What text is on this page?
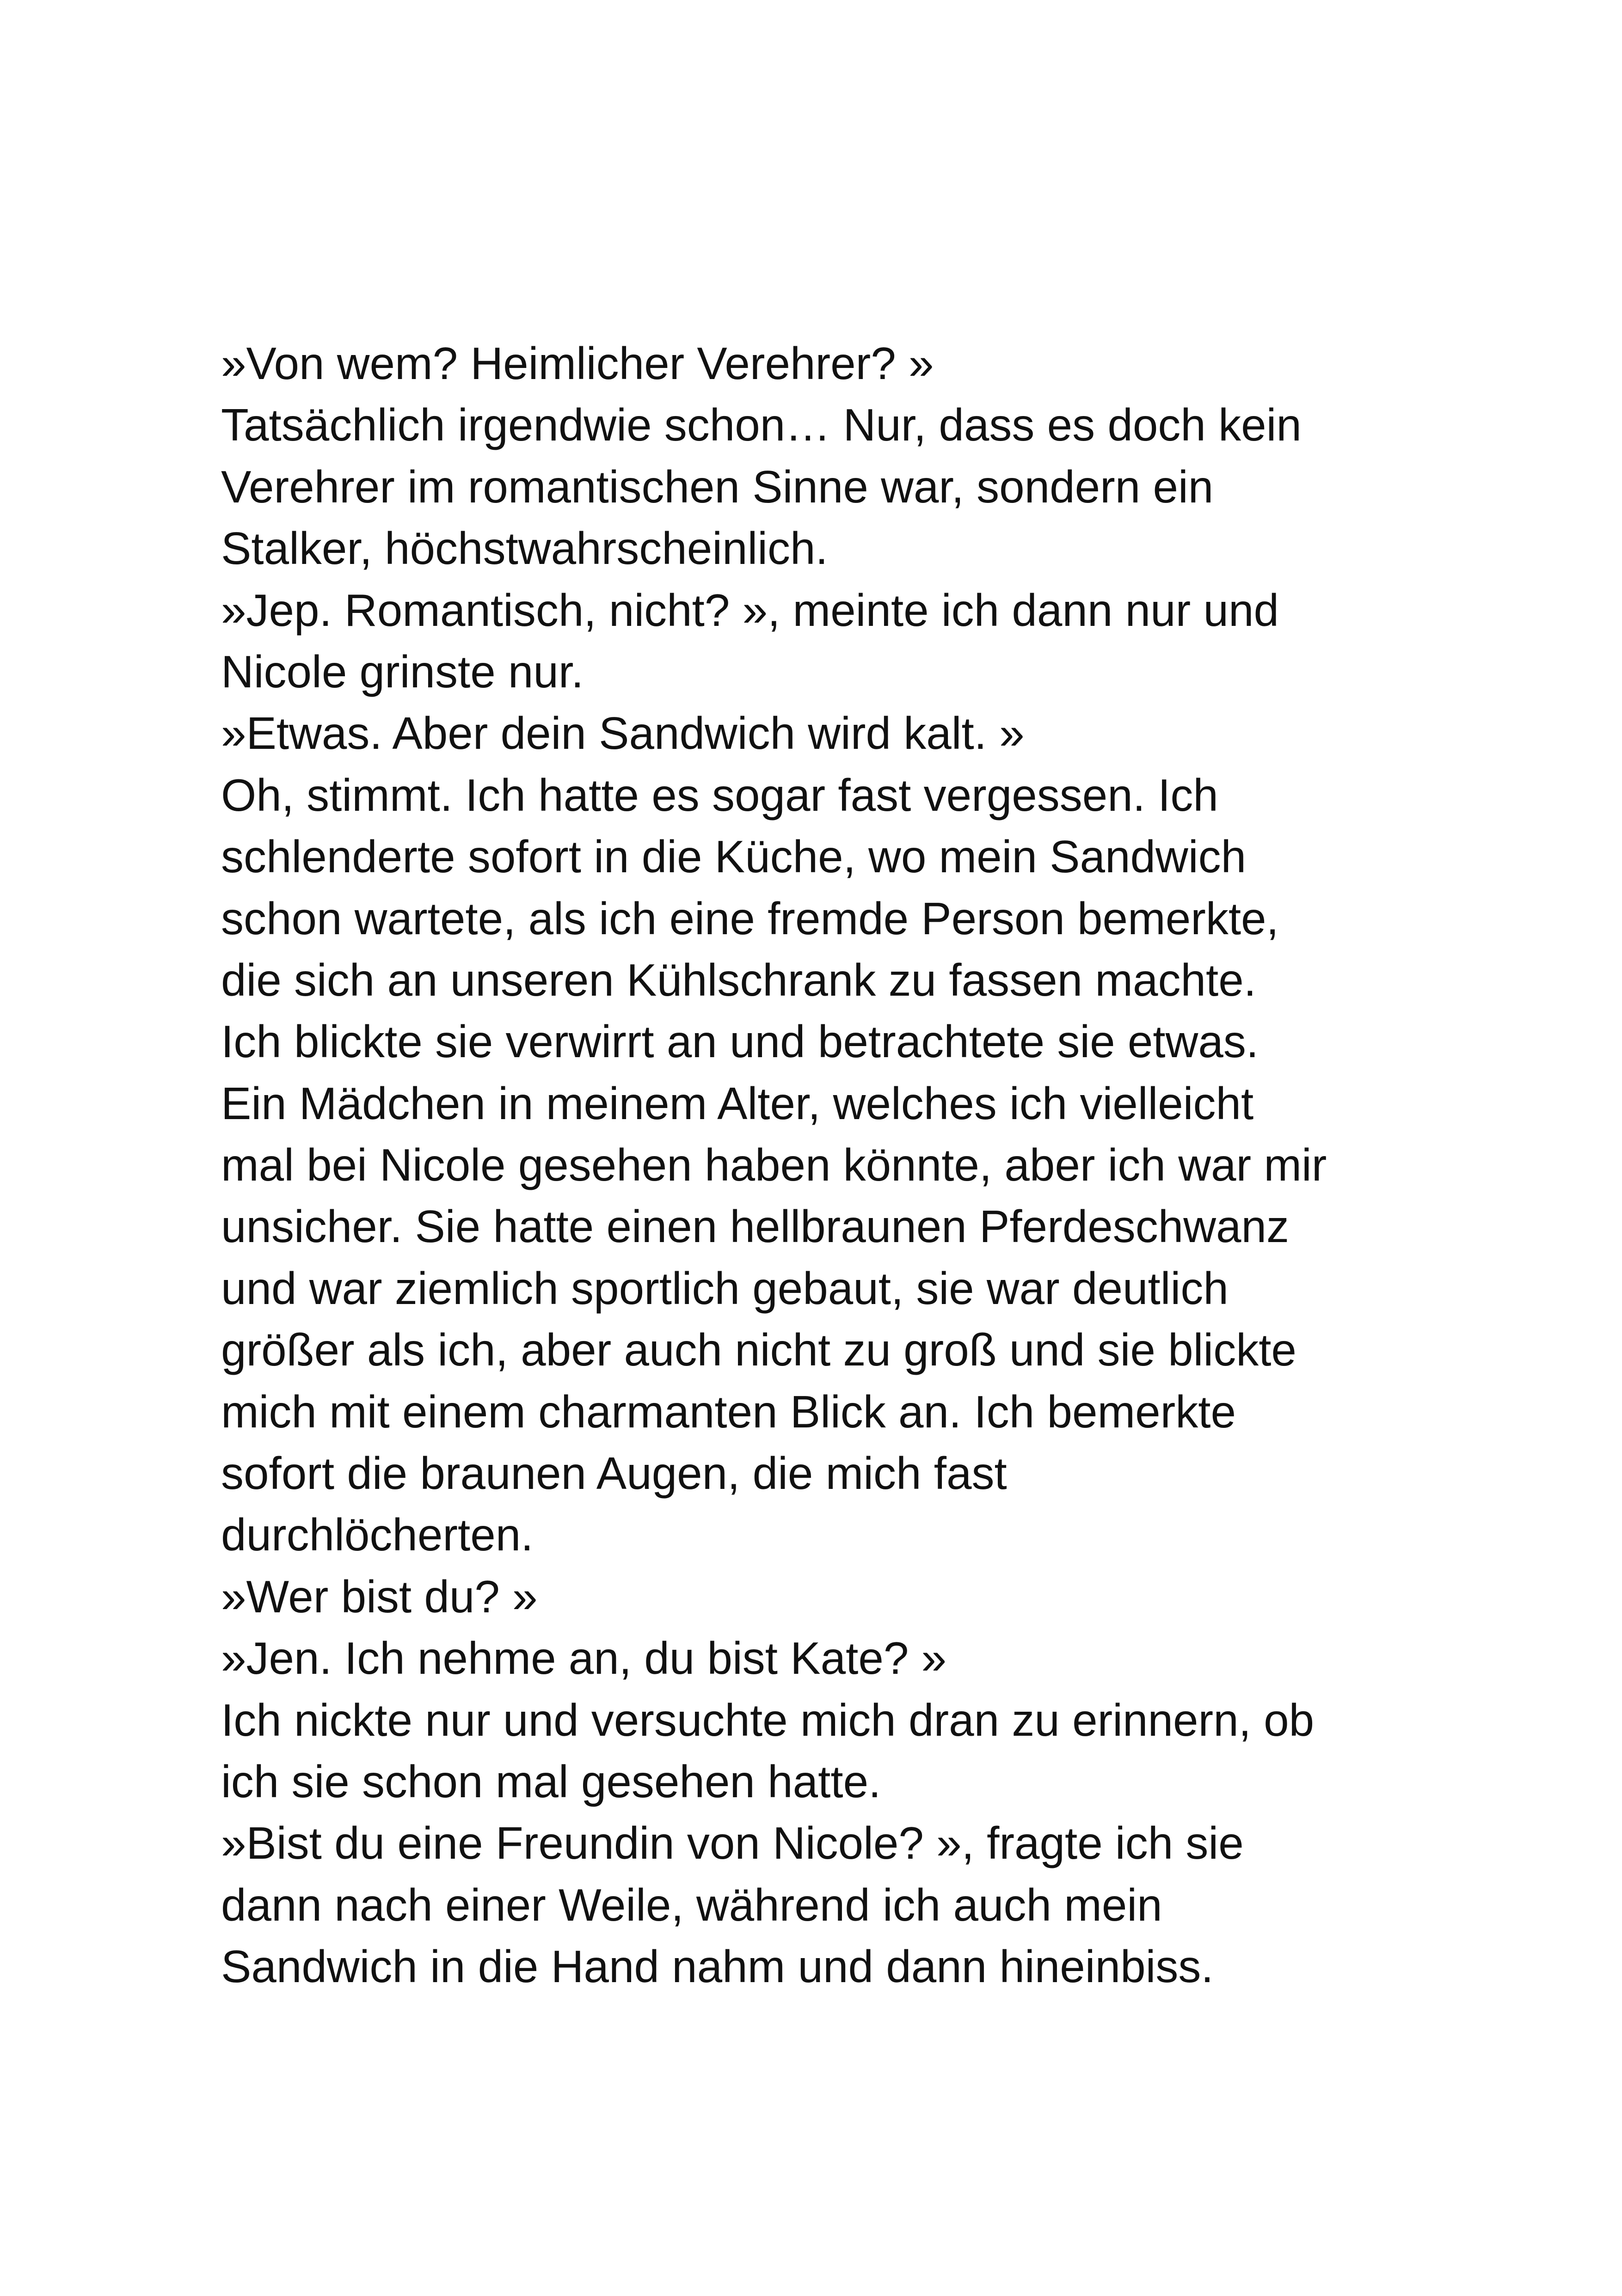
»Von wem? Heimlicher Verehrer? »
Tatsächlich irgendwie schon… Nur, dass es doch kein
Verehrer im romantischen Sinne war, sondern ein
Stalker, höchstwahrscheinlich.
»Jep. Romantisch, nicht? », meinte ich dann nur und
Nicole grinste nur.
»Etwas. Aber dein Sandwich wird kalt. »
Oh, stimmt. Ich hatte es sogar fast vergessen. Ich
schlenderte sofort in die Küche, wo mein Sandwich
schon wartete, als ich eine fremde Person bemerkte,
die sich an unseren Kühlschrank zu fassen machte.
Ich blickte sie verwirrt an und betrachtete sie etwas.
Ein Mädchen in meinem Alter, welches ich vielleicht
mal bei Nicole gesehen haben könnte, aber ich war mir
unsicher. Sie hatte einen hellbraunen Pferdeschwanz
und war ziemlich sportlich gebaut, sie war deutlich
größer als ich, aber auch nicht zu groß und sie blickte
mich mit einem charmanten Blick an. Ich bemerkte
sofort die braunen Augen, die mich fast
durchlöcherten.
»Wer bist du? »
»Jen. Ich nehme an, du bist Kate? »
Ich nickte nur und versuchte mich dran zu erinnern, ob
ich sie schon mal gesehen hatte.
»Bist du eine Freundin von Nicole? », fragte ich sie
dann nach einer Weile, während ich auch mein
Sandwich in die Hand nahm und dann hineinbiss.
